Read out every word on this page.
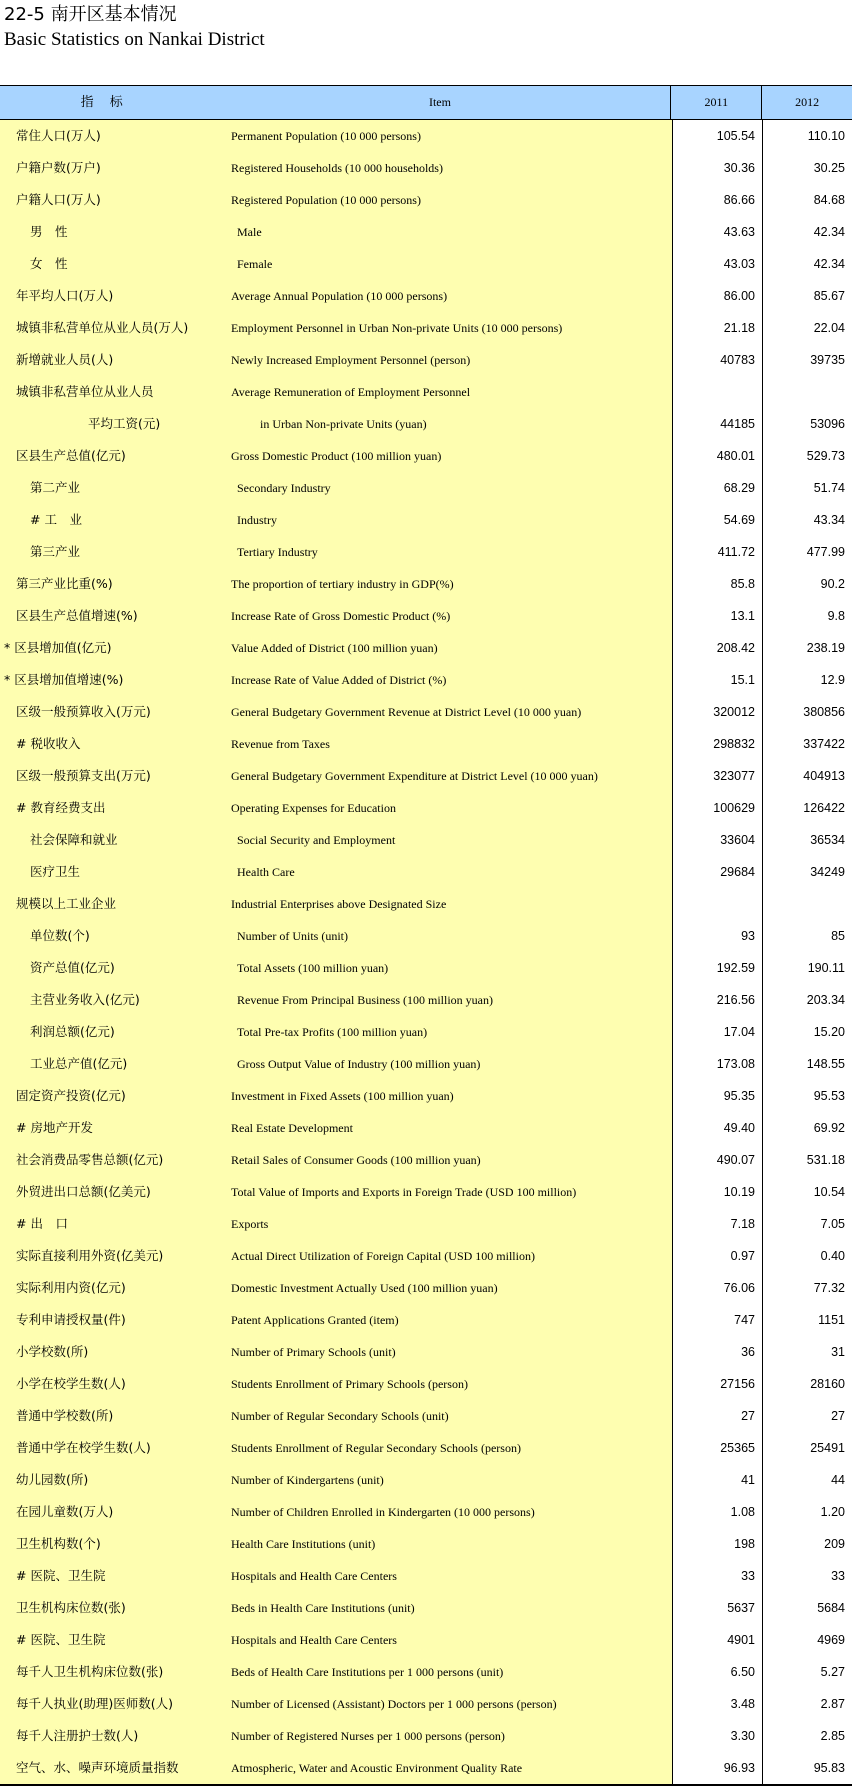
22-5 南开区基本情况
Basic Statistics on Nankai District
指 标	Item	2011	2012
常住人口(万人)	Permanent Population (10 000 persons)	105.54	110.10
户籍户数(万户)	Registered Households (10 000 households)	30.36	30.25
户籍人口(万人)	Registered Population (10 000 persons)	86.66	84.68
男　性	Male	43.63	42.34
女　性	Female	43.03	42.34
年平均人口(万人)	Average Annual Population (10 000 persons)	86.00	85.67
城镇非私营单位从业人员(万人)	Employment Personnel in Urban Non-private Units (10 000 persons)	21.18	22.04
新增就业人员(人)	Newly Increased Employment Personnel (person)	40783	39735
城镇非私营单位从业人员	Average Remuneration of Employment Personnel
平均工资(元)	in Urban Non-private Units (yuan)	44185	53096
区县生产总值(亿元)	Gross Domestic Product (100 million yuan)	480.01	529.73
第二产业	Secondary Industry	68.29	51.74
# 工　业	Industry	54.69	43.34
第三产业	Tertiary Industry	411.72	477.99
第三产业比重(%)	The proportion of tertiary industry in GDP(%)	85.8	90.2
区县生产总值增速(%)	Increase Rate of Gross Domestic Product (%)	13.1	9.8
* 区县增加值(亿元)	Value Added of District (100 million yuan)	208.42	238.19
* 区县增加值增速(%)	Increase Rate of Value Added of District (%)	15.1	12.9
区级一般预算收入(万元)	General Budgetary Government Revenue at District Level (10 000 yuan)	320012	380856
# 税收收入	Revenue from Taxes	298832	337422
区级一般预算支出(万元)	General Budgetary Government Expenditure at District Level (10 000 yuan)	323077	404913
# 教育经费支出	Operating Expenses for Education	100629	126422
社会保障和就业	Social Security and Employment	33604	36534
医疗卫生	Health Care	29684	34249
规模以上工业企业	Industrial Enterprises above Designated Size
单位数(个)	Number of Units (unit)	93	85
资产总值(亿元)	Total Assets (100 million yuan)	192.59	190.11
主营业务收入(亿元)	Revenue From Principal Business (100 million yuan)	216.56	203.34
利润总额(亿元)	Total Pre-tax Profits (100 million yuan)	17.04	15.20
工业总产值(亿元)	Gross Output Value of Industry (100 million yuan)	173.08	148.55
固定资产投资(亿元)	Investment in Fixed Assets (100 million yuan)	95.35	95.53
# 房地产开发	Real Estate Development	49.40	69.92
社会消费品零售总额(亿元)	Retail Sales of Consumer Goods (100 million yuan)	490.07	531.18
外贸进出口总额(亿美元)	Total Value of Imports and Exports in Foreign Trade (USD 100 million)	10.19	10.54
# 出　口	Exports	7.18	7.05
实际直接利用外资(亿美元)	Actual Direct Utilization of Foreign Capital (USD 100 million)	0.97	0.40
实际利用内资(亿元)	Domestic Investment Actually Used (100 million yuan)	76.06	77.32
专利申请授权量(件)	Patent Applications Granted (item)	747	1151
小学校数(所)	Number of Primary Schools (unit)	36	31
小学在校学生数(人)	Students Enrollment of Primary Schools (person)	27156	28160
普通中学校数(所)	Number of Regular Secondary Schools (unit)	27	27
普通中学在校学生数(人)	Students Enrollment of Regular Secondary Schools (person)	25365	25491
幼儿园数(所)	Number of Kindergartens (unit)	41	44
在园儿童数(万人)	Number of Children Enrolled in Kindergarten (10 000 persons)	1.08	1.20
卫生机构数(个)	Health Care Institutions (unit)	198	209
# 医院、卫生院	Hospitals and Health Care Centers	33	33
卫生机构床位数(张)	Beds in Health Care Institutions (unit)	5637	5684
# 医院、卫生院	Hospitals and Health Care Centers	4901	4969
每千人卫生机构床位数(张)	Beds of Health Care Institutions per 1 000 persons (unit)	6.50	5.27
每千人执业(助理)医师数(人)	Number of Licensed (Assistant) Doctors per 1 000 persons (person)	3.48	2.87
每千人注册护士数(人)	Number of Registered Nurses per 1 000 persons (person)	3.30	2.85
空气、水、噪声环境质量指数	Atmospheric, Water and Acoustic Environment Quality Rate	96.93	95.83
